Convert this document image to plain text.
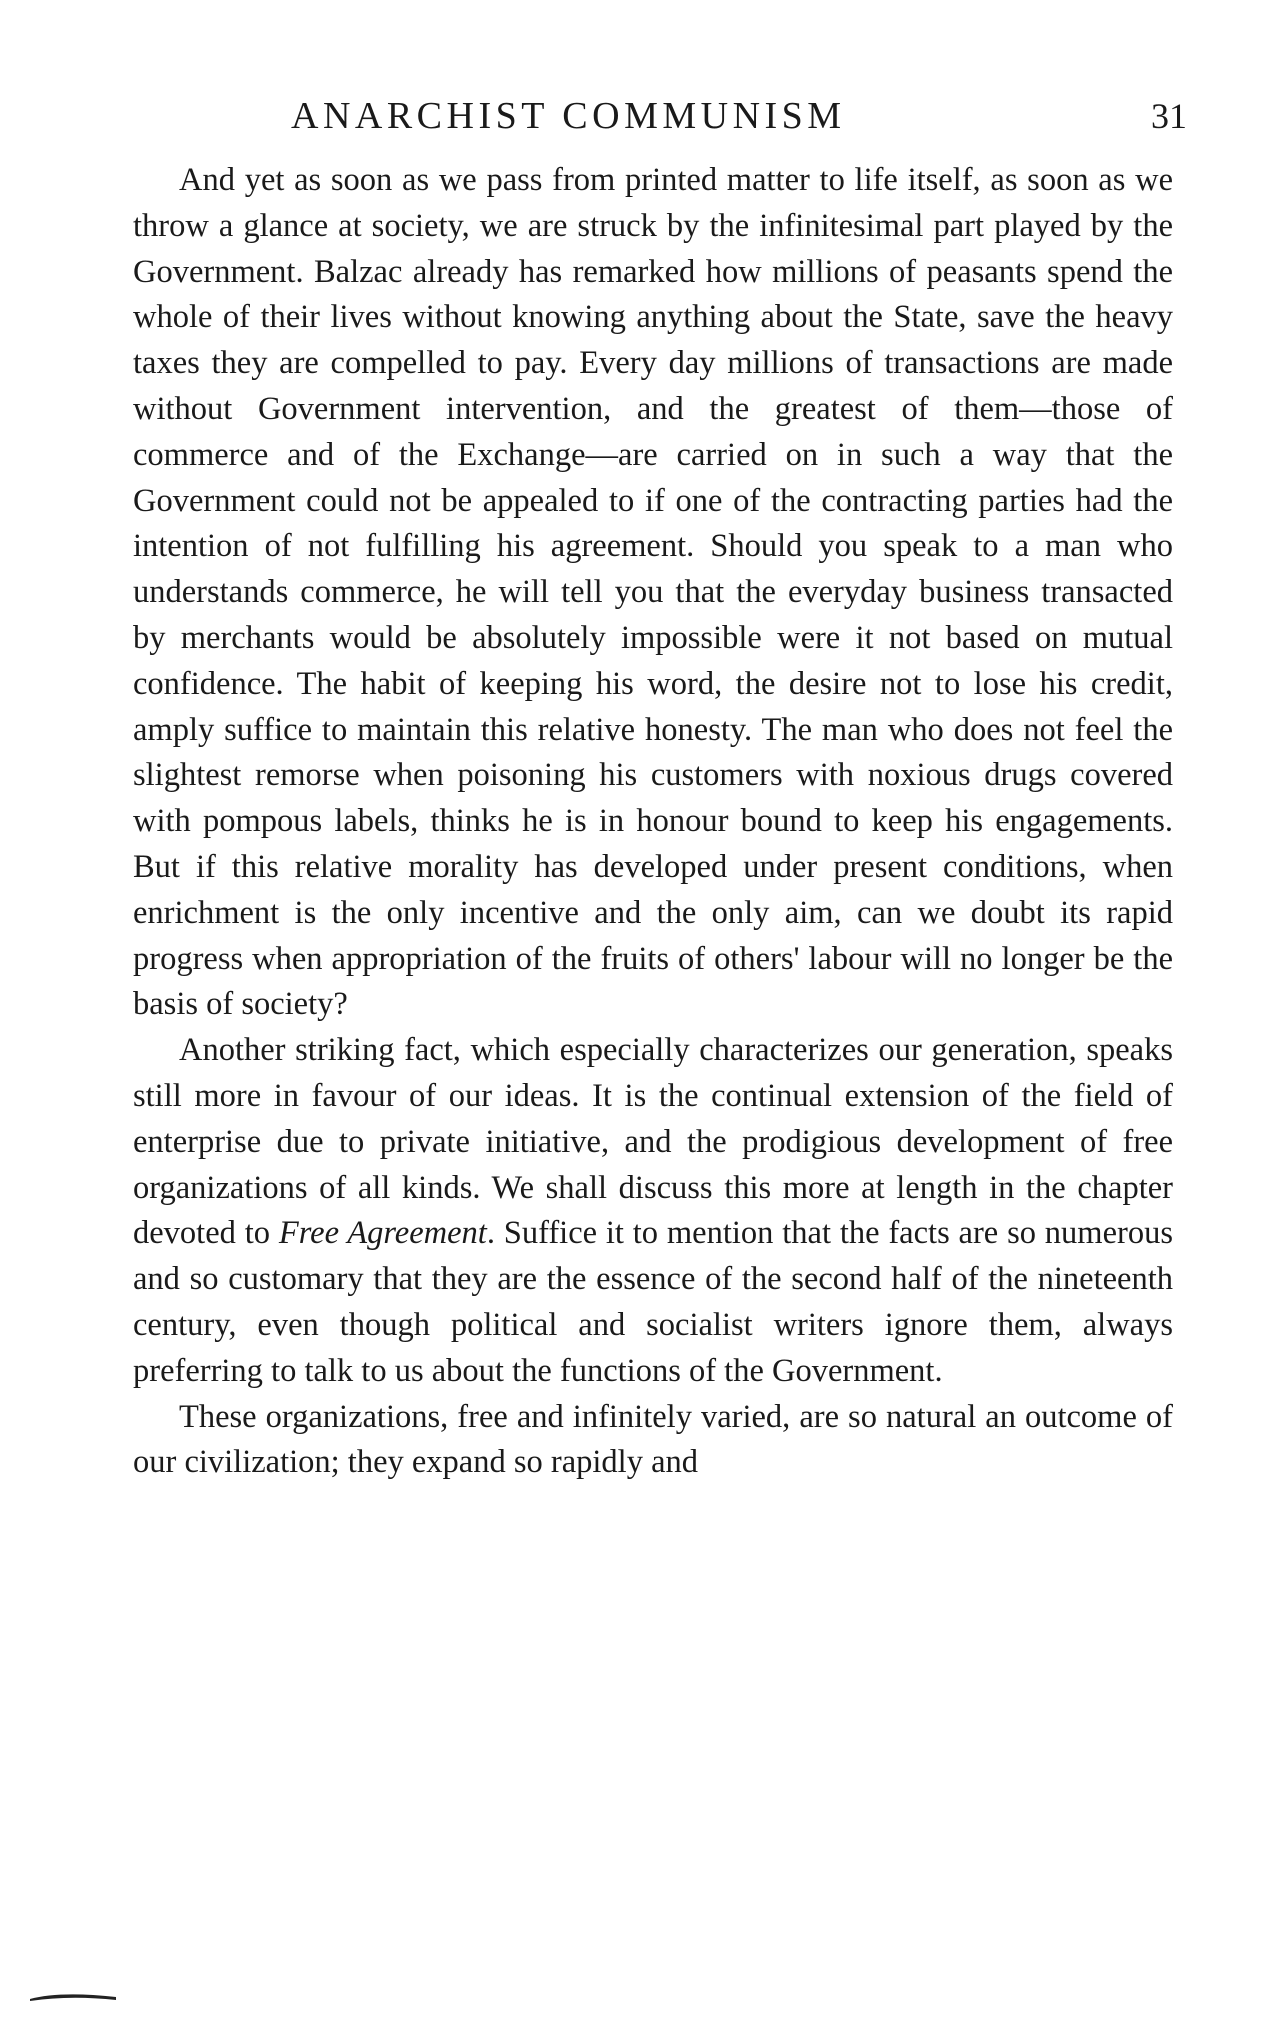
ANARCHIST COMMUNISM	31

And yet as soon as we pass from printed matter to life itself, as soon as we throw a glance at society, we are struck by the infinitesimal part played by the Government. Balzac already has remarked how millions of peasants spend the whole of their lives without knowing anything about the State, save the heavy taxes they are compelled to pay. Every day millions of transactions are made without Government intervention, and the greatest of them—those of commerce and of the Exchange—are carried on in such a way that the Government could not be appealed to if one of the contracting parties had the intention of not fulfilling his agreement. Should you speak to a man who understands commerce, he will tell you that the everyday business transacted by merchants would be absolutely impossible were it not based on mutual confidence. The habit of keeping his word, the desire not to lose his credit, amply suffice to maintain this relative honesty. The man who does not feel the slightest remorse when poisoning his customers with noxious drugs covered with pompous labels, thinks he is in honour bound to keep his engagements. But if this relative morality has developed under present conditions, when enrichment is the only incentive and the only aim, can we doubt its rapid progress when appropriation of the fruits of others' labour will no longer be the basis of society?

Another striking fact, which especially characterizes our generation, speaks still more in favour of our ideas. It is the continual extension of the field of enterprise due to private initiative, and the prodigious development of free organizations of all kinds. We shall discuss this more at length in the chapter devoted to Free Agreement. Suffice it to mention that the facts are so numerous and so customary that they are the essence of the second half of the nineteenth century, even though political and socialist writers ignore them, always preferring to talk to us about the functions of the Government.

These organizations, free and infinitely varied, are so natural an outcome of our civilization; they expand so rapidly and
